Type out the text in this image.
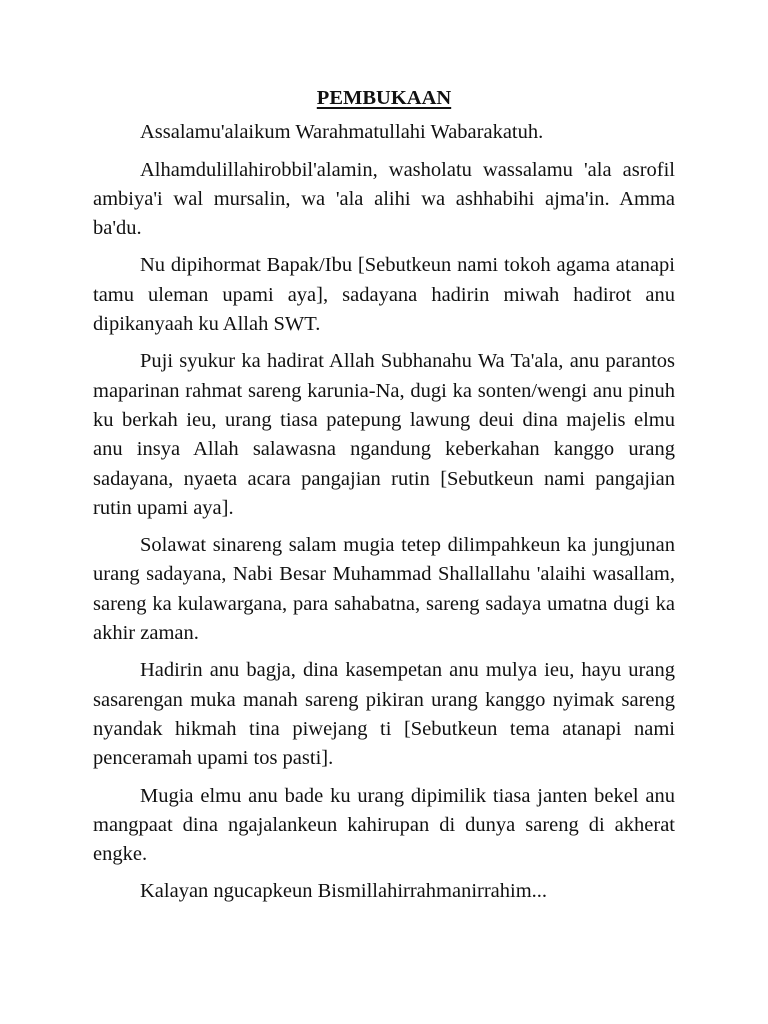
PEMBUKAAN

Assalamu'alaikum Warahmatullahi Wabarakatuh.

Alhamdulillahirobbil'alamin, washolatu wassalamu 'ala asrofil ambiya'i wal mursalin, wa 'ala alihi wa ashhabihi ajma'in. Amma ba'du.

Nu dipihormat Bapak/Ibu [Sebutkeun nami tokoh agama atanapi tamu uleman upami aya], sadayana hadirin miwah hadirot anu dipikanyaah ku Allah SWT.

Puji syukur ka hadirat Allah Subhanahu Wa Ta'ala, anu parantos maparinan rahmat sareng karunia-Na, dugi ka sonten/wengi anu pinuh ku berkah ieu, urang tiasa patepung lawung deui dina majelis elmu anu insya Allah salawasna ngandung keberkahan kanggo urang sadayana, nyaeta acara pangajian rutin [Sebutkeun nami pangajian rutin upami aya].

Solawat sinareng salam mugia tetep dilimpahkeun ka jungjunan urang sadayana, Nabi Besar Muhammad Shallallahu 'alaihi wasallam, sareng ka kulawargana, para sahabatna, sareng sadaya umatna dugi ka akhir zaman.

Hadirin anu bagja, dina kasempetan anu mulya ieu, hayu urang sasarengan muka manah sareng pikiran urang kanggo nyimak sareng nyandak hikmah tina piwejang ti [Sebutkeun tema atanapi nami penceramah upami tos pasti].

Mugia elmu anu bade ku urang dipimilik tiasa janten bekel anu mangpaat dina ngajalankeun kahirupan di dunya sareng di akherat engke.

Kalayan ngucapkeun Bismillahirrahmanirrahim...
